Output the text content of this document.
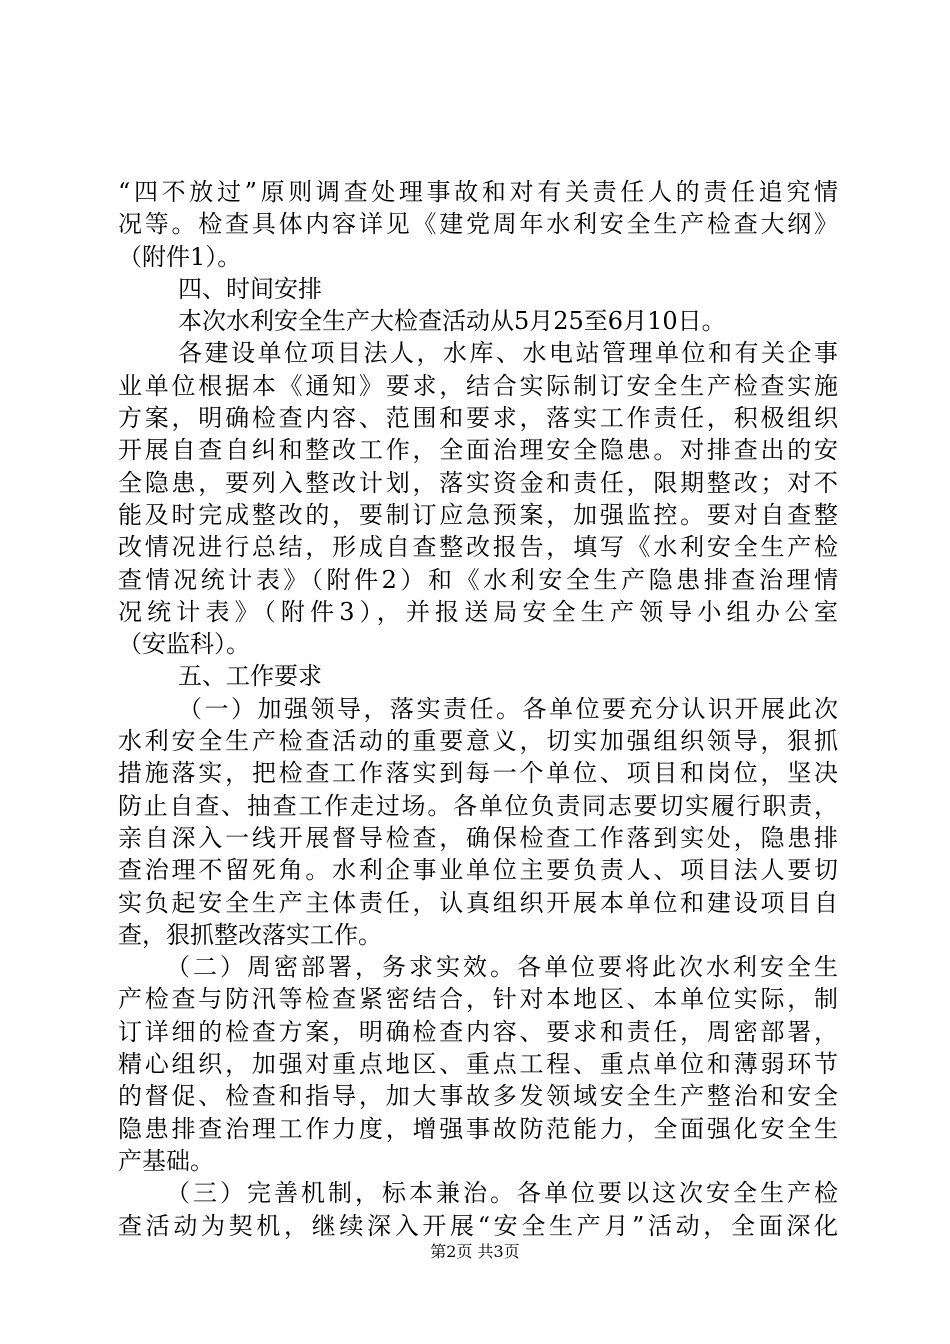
“四不放过”原则调查处理事故和对有关责任人的责任追究情
况等。检查具体内容详见《建党周年水利安全生产检查大纲》
（附件1）。
四、时间安排
本次水利安全生产大检查活动从5月25至6月10日。
各建设单位项目法人，水库、水电站管理单位和有关企事
业单位根据本《通知》要求，结合实际制订安全生产检查实施
方案，明确检查内容、范围和要求，落实工作责任，积极组织
开展自查自纠和整改工作，全面治理安全隐患。对排查出的安
全隐患，要列入整改计划，落实资金和责任，限期整改；对不
能及时完成整改的，要制订应急预案，加强监控。要对自查整
改情况进行总结，形成自查整改报告，填写《水利安全生产检
查情况统计表》（附件2）和《水利安全生产隐患排查治理情
况统计表》（附件3），并报送局安全生产领导小组办公室
（安监科）。
五、工作要求
（一）加强领导，落实责任。各单位要充分认识开展此次
水利安全生产检查活动的重要意义，切实加强组织领导，狠抓
措施落实，把检查工作落实到每一个单位、项目和岗位，坚决
防止自查、抽查工作走过场。各单位负责同志要切实履行职责，
亲自深入一线开展督导检查，确保检查工作落到实处，隐患排
查治理不留死角。水利企事业单位主要负责人、项目法人要切
实负起安全生产主体责任，认真组织开展本单位和建设项目自
查，狠抓整改落实工作。
（二）周密部署，务求实效。各单位要将此次水利安全生
产检查与防汛等检查紧密结合，针对本地区、本单位实际，制
订详细的检查方案，明确检查内容、要求和责任，周密部署，
精心组织，加强对重点地区、重点工程、重点单位和薄弱环节
的督促、检查和指导，加大事故多发领域安全生产整治和安全
隐患排查治理工作力度，增强事故防范能力，全面强化安全生
产基础。
（三）完善机制，标本兼治。各单位要以这次安全生产检
查活动为契机，继续深入开展“安全生产月”活动，全面深化
第2页 共3页
